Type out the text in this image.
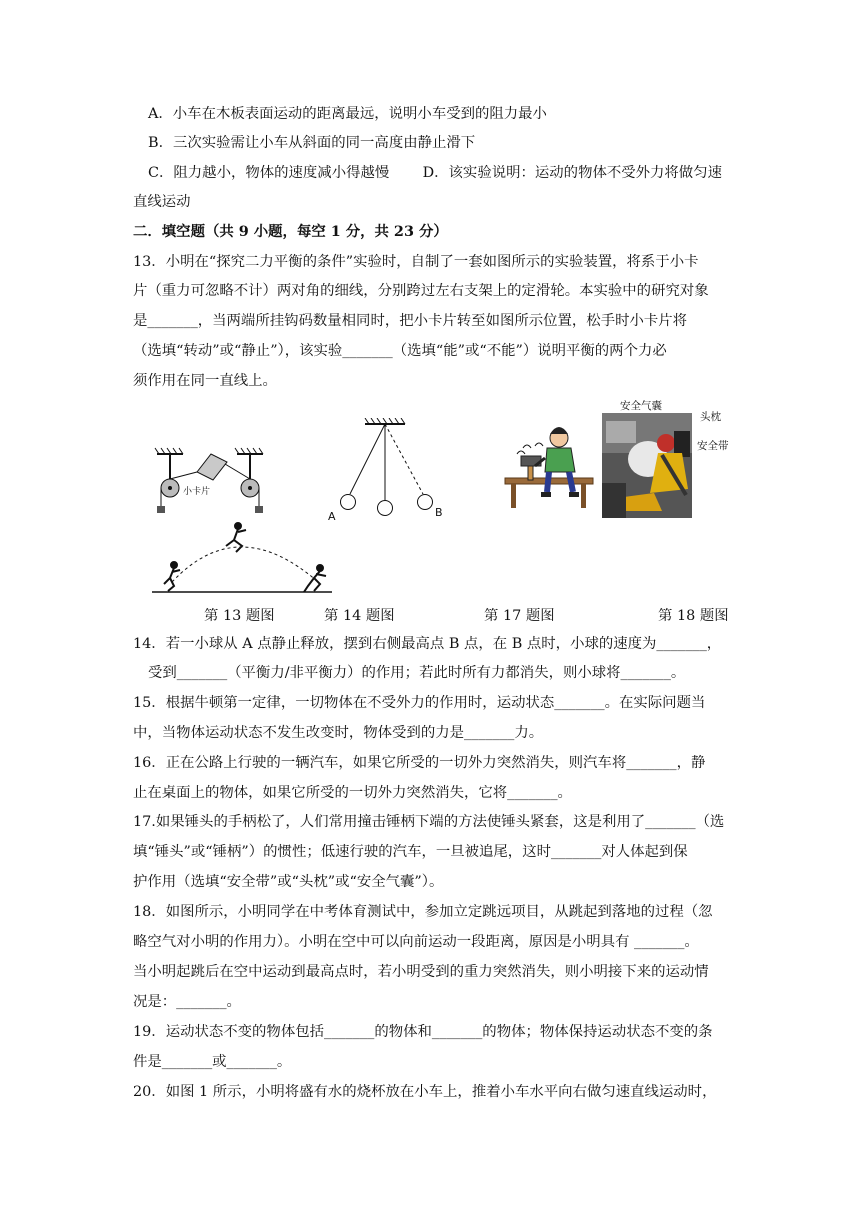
A．小车在木板表面运动的距离最远，说明小车受到的阻力最小
B．三次实验需让小车从斜面的同一高度由静止滑下
C．阻力越小，物体的速度减小得越慢　　 D．该实验说明：运动的物体不受外力将做匀速
直线运动
二．填空题（共 9 小题，每空 1 分，共 23 分）
13．小明在“探究二力平衡的条件”实验时，自制了一套如图所示的实验装置，将系于小卡
片（重力可忽略不计）两对角的细线，分别跨过左右支架上的定滑轮。本实验中的研究对象
是_______，当两端所挂钩码数量相同时，把小卡片转至如图所示位置，松手时小卡片将
（选填“转动”或“静止”），该实验_______（选填“能”或“不能”）说明平衡的两个力必
须作用在同一直线上。
小卡片
A	B
安全气囊
头枕
安全带
第 13 题图	第 14 题图	第 17 题图	第 18 题图
14．若一小球从 A 点静止释放，摆到右侧最高点 B 点，在 B 点时，小球的速度为_______，
受到_______（平衡力/非平衡力）的作用；若此时所有力都消失，则小球将_______。
15．根据牛顿第一定律，一切物体在不受外力的作用时，运动状态_______。在实际问题当
中，当物体运动状态不发生改变时，物体受到的力是_______力。
16．正在公路上行驶的一辆汽车，如果它所受的一切外力突然消失，则汽车将_______，静
止在桌面上的物体，如果它所受的一切外力突然消失，它将_______。
17.如果锤头的手柄松了，人们常用撞击锤柄下端的方法使锤头紧套，这是利用了_______（选
填“锤头”或“锤柄”）的惯性；低速行驶的汽车，一旦被追尾，这时_______对人体起到保
护作用（选填“安全带”或“头枕”或“安全气囊”）。
18．如图所示，小明同学在中考体育测试中，参加立定跳远项目，从跳起到落地的过程（忽
略空气对小明的作用力）。小明在空中可以向前运动一段距离，原因是小明具有 _______。
当小明起跳后在空中运动到最高点时，若小明受到的重力突然消失，则小明接下来的运动情
况是：_______。
19．运动状态不变的物体包括_______的物体和_______的物体；物体保持运动状态不变的条
件是_______或_______。
20．如图 1 所示，小明将盛有水的烧杯放在小车上，推着小车水平向右做匀速直线运动时，
